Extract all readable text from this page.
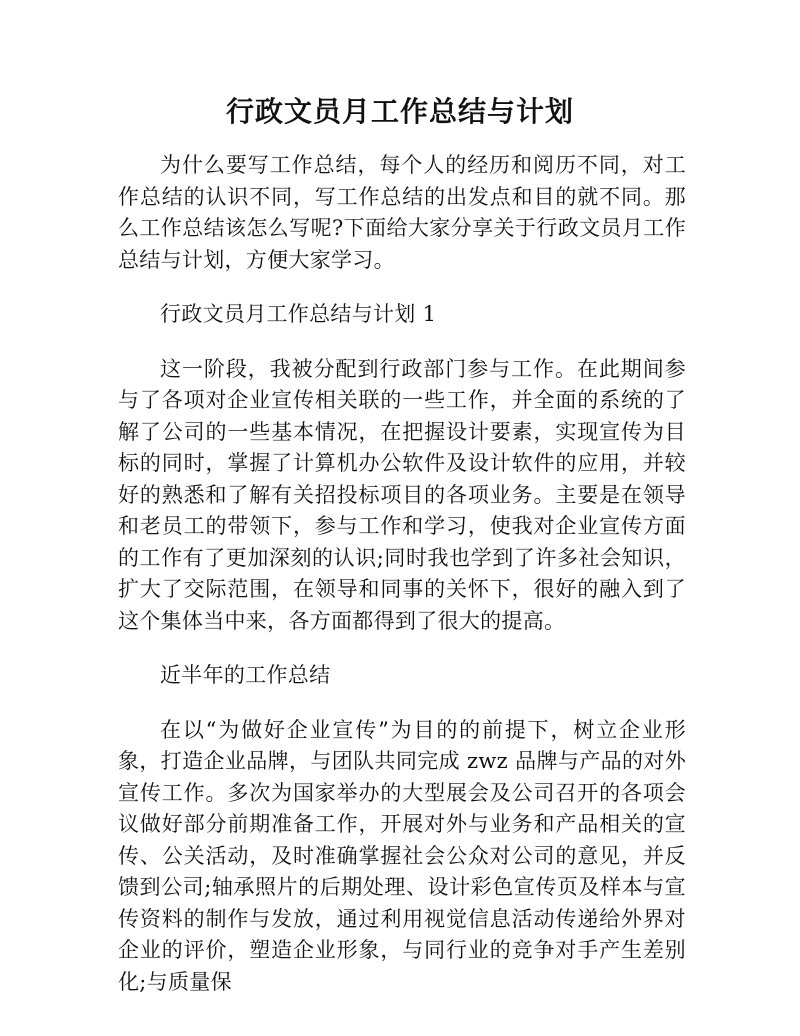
行政文员月工作总结与计划

为什么要写工作总结，每个人的经历和阅历不同，对工作总结的认识不同，写工作总结的出发点和目的就不同。那么工作总结该怎么写呢?下面给大家分享关于行政文员月工作总结与计划，方便大家学习。

行政文员月工作总结与计划 1

这一阶段，我被分配到行政部门参与工作。在此期间参与了各项对企业宣传相关联的一些工作，并全面的系统的了解了公司的一些基本情况，在把握设计要素，实现宣传为目标的同时，掌握了计算机办公软件及设计软件的应用，并较好的熟悉和了解有关招投标项目的各项业务。主要是在领导和老员工的带领下，参与工作和学习，使我对企业宣传方面的工作有了更加深刻的认识;同时我也学到了许多社会知识，扩大了交际范围，在领导和同事的关怀下，很好的融入到了这个集体当中来，各方面都得到了很大的提高。

近半年的工作总结

在以“为做好企业宣传”为目的的前提下，树立企业形象，打造企业品牌，与团队共同完成 zwz 品牌与产品的对外宣传工作。多次为国家举办的大型展会及公司召开的各项会议做好部分前期准备工作，开展对外与业务和产品相关的宣传、公关活动，及时准确掌握社会公众对公司的意见，并反馈到公司;轴承照片的后期处理、设计彩色宣传页及样本与宣传资料的制作与发放，通过利用视觉信息活动传递给外界对企业的评价，塑造企业形象，与同行业的竞争对手产生差别化;与质量保
